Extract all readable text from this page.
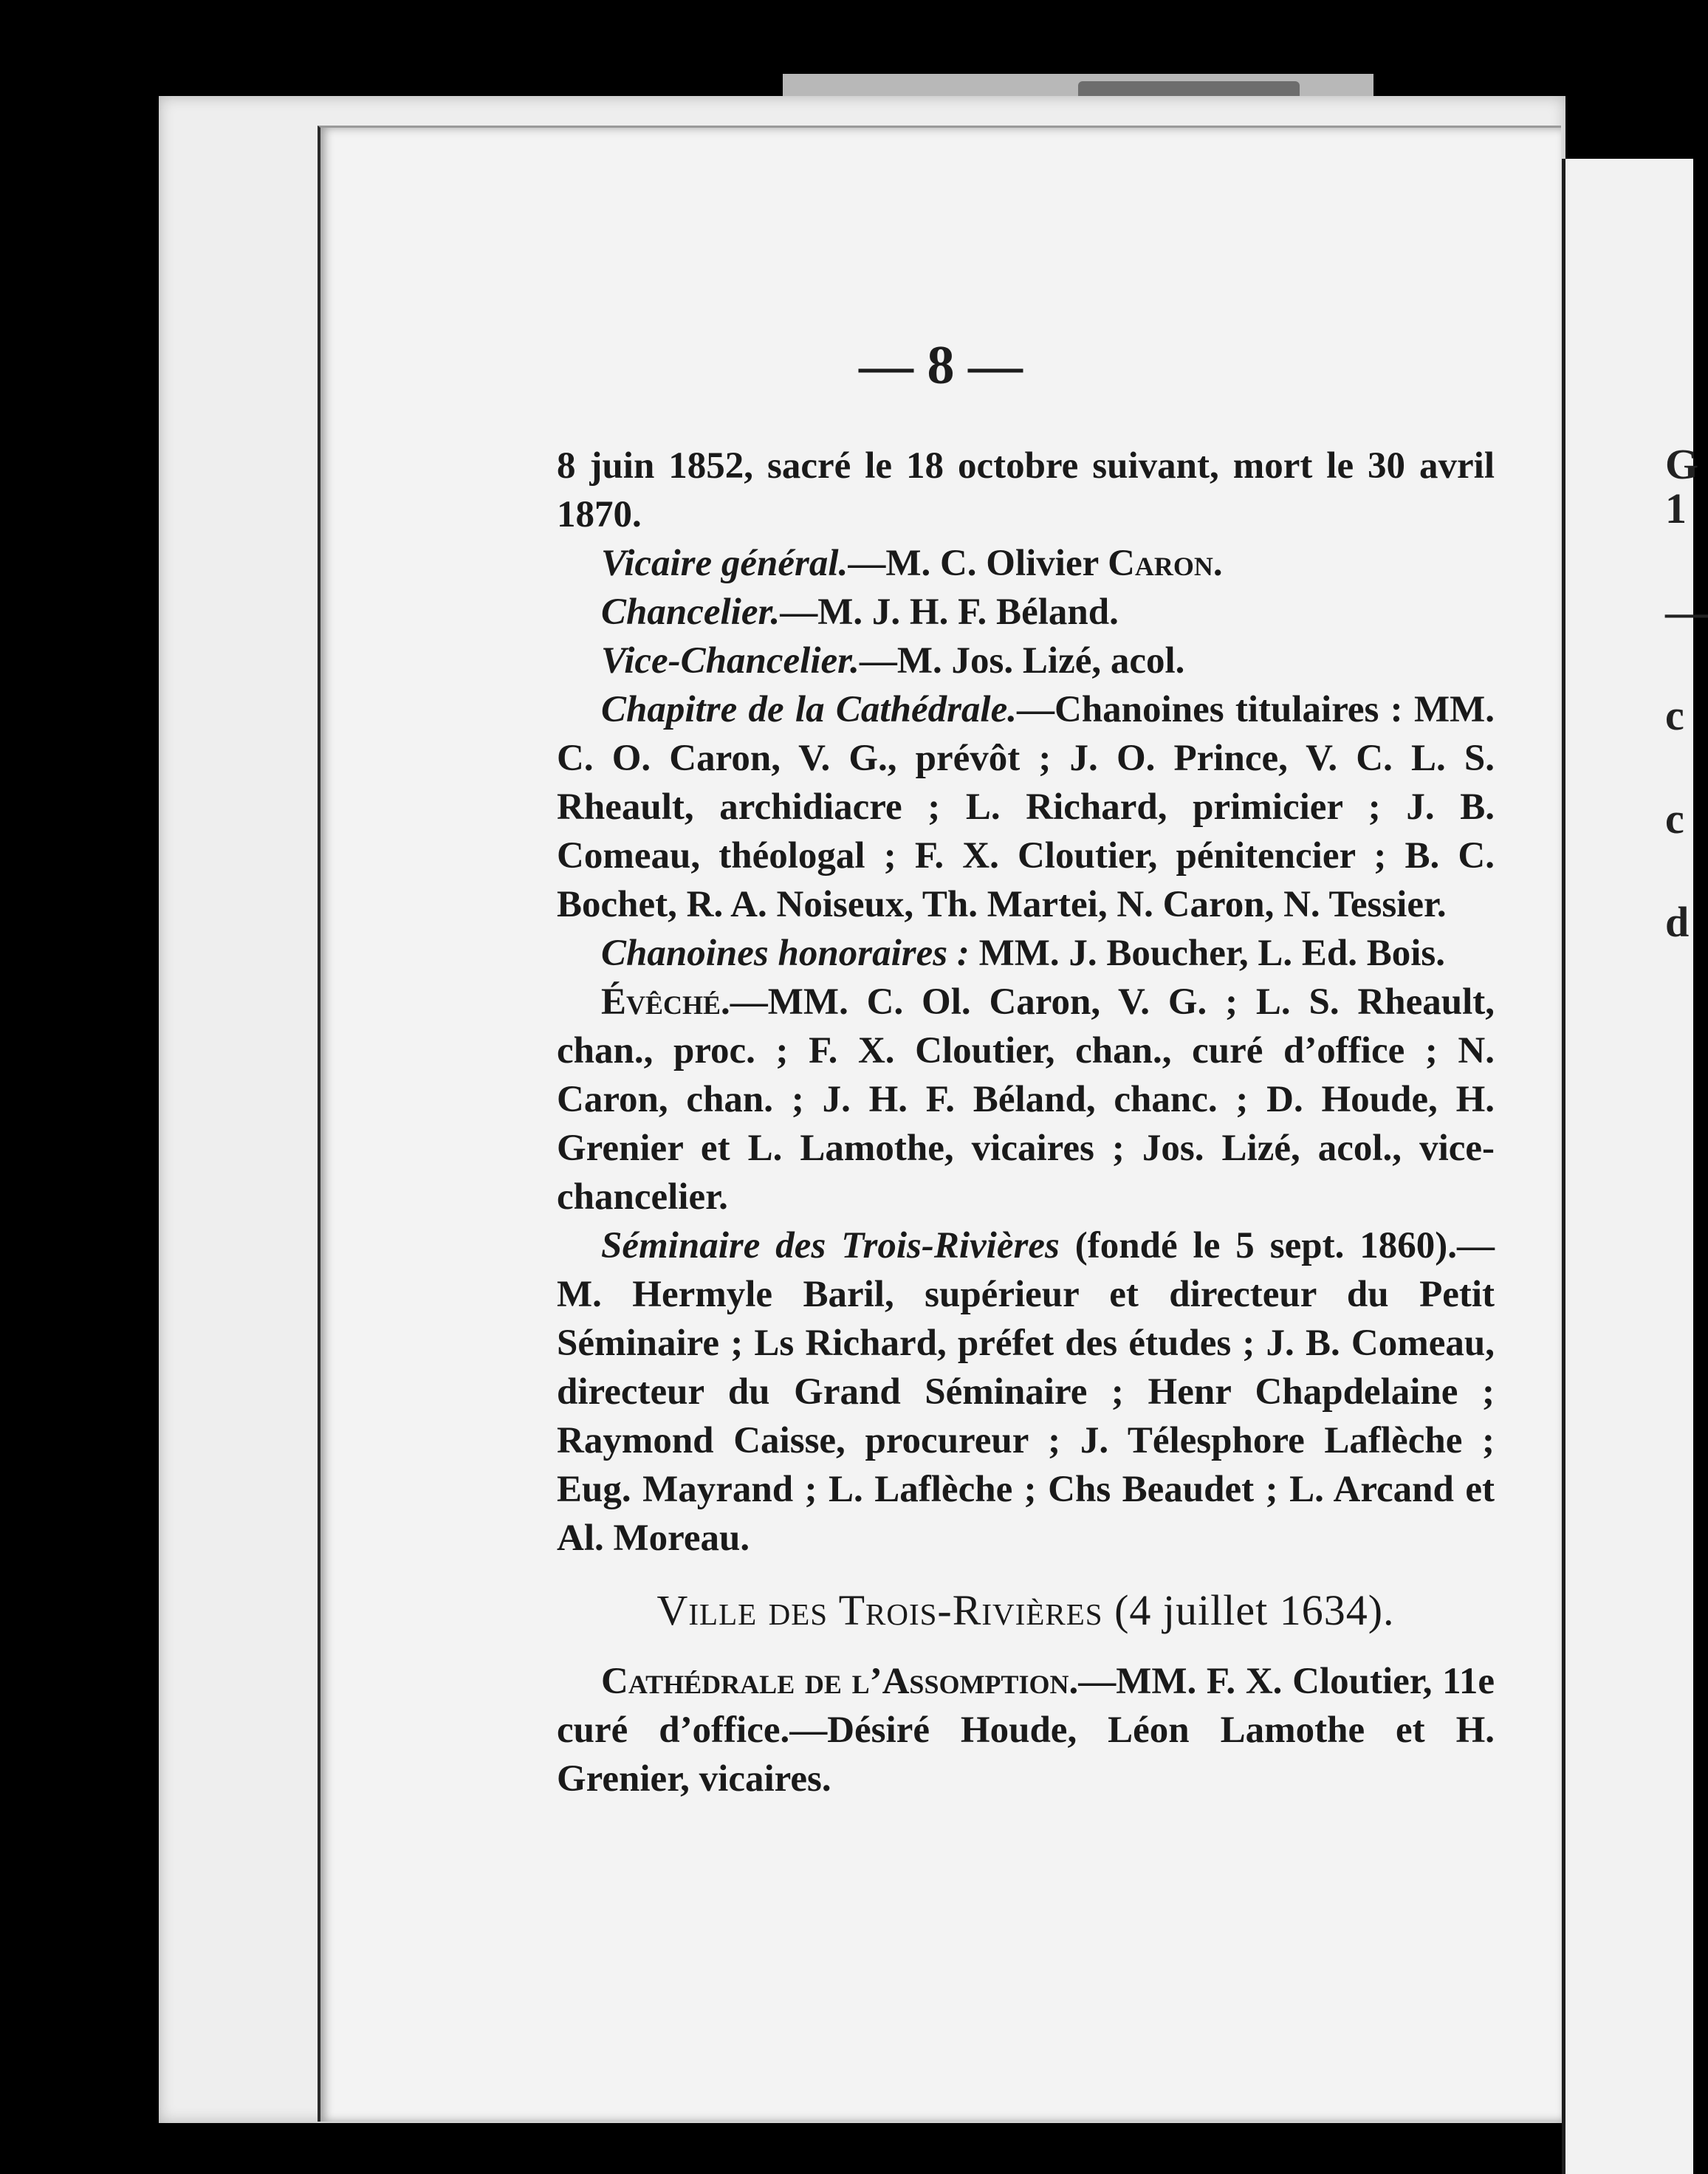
— 8 —

8 juin 1852, sacré le 18 octobre suivant, mort le 30 avril 1870.

Vicaire général.—M. C. Olivier Caron.

Chancelier.—M. J. H. F. Béland.

Vice-Chancelier.—M. Jos. Lizé, acol.

Chapitre de la Cathédrale.—Chanoines titulaires : MM. C. O. Caron, V. G., prévôt ; J. O. Prince, V. C. L. S. Rheault, archidiacre ; L. Richard, primicier ; J. B. Comeau, théologal ; F. X. Cloutier, pénitencier ; B. C. Bochet, R. A. Noiseux, Th. Martei, N. Caron, N. Tessier.

Chanoines honoraires : MM. J. Boucher, L. Ed. Bois.

Évêché.—MM. C. Ol. Caron, V. G. ; L. S. Rheault, chan., proc. ; F. X. Cloutier, chan., curé d’office ; N. Caron, chan. ; J. H. F. Béland, chanc. ; D. Houde, H. Grenier et L. Lamothe, vicaires ; Jos. Lizé, acol., vice-chancelier.

Séminaire des Trois-Rivières (fondé le 5 sept. 1860).—M. Hermyle Baril, supérieur et directeur du Petit Séminaire ; Ls Richard, préfet des études ; J. B. Comeau, directeur du Grand Séminaire ; Henr Chapdelaine ; Raymond Caisse, procureur ; J. Télesphore Laflèche ; Eug. Mayrand ; L. Laflèche ; Chs Beaudet ; L. Arcand et Al. Moreau.

Ville des Trois-Rivières (4 juillet 1634).

Cathédrale de l’Assomption.—MM. F. X. Cloutier, 11e curé d’office.—Désiré Houde, Léon Lamothe et H. Grenier, vicaires.

G
1
—
c
c
d
